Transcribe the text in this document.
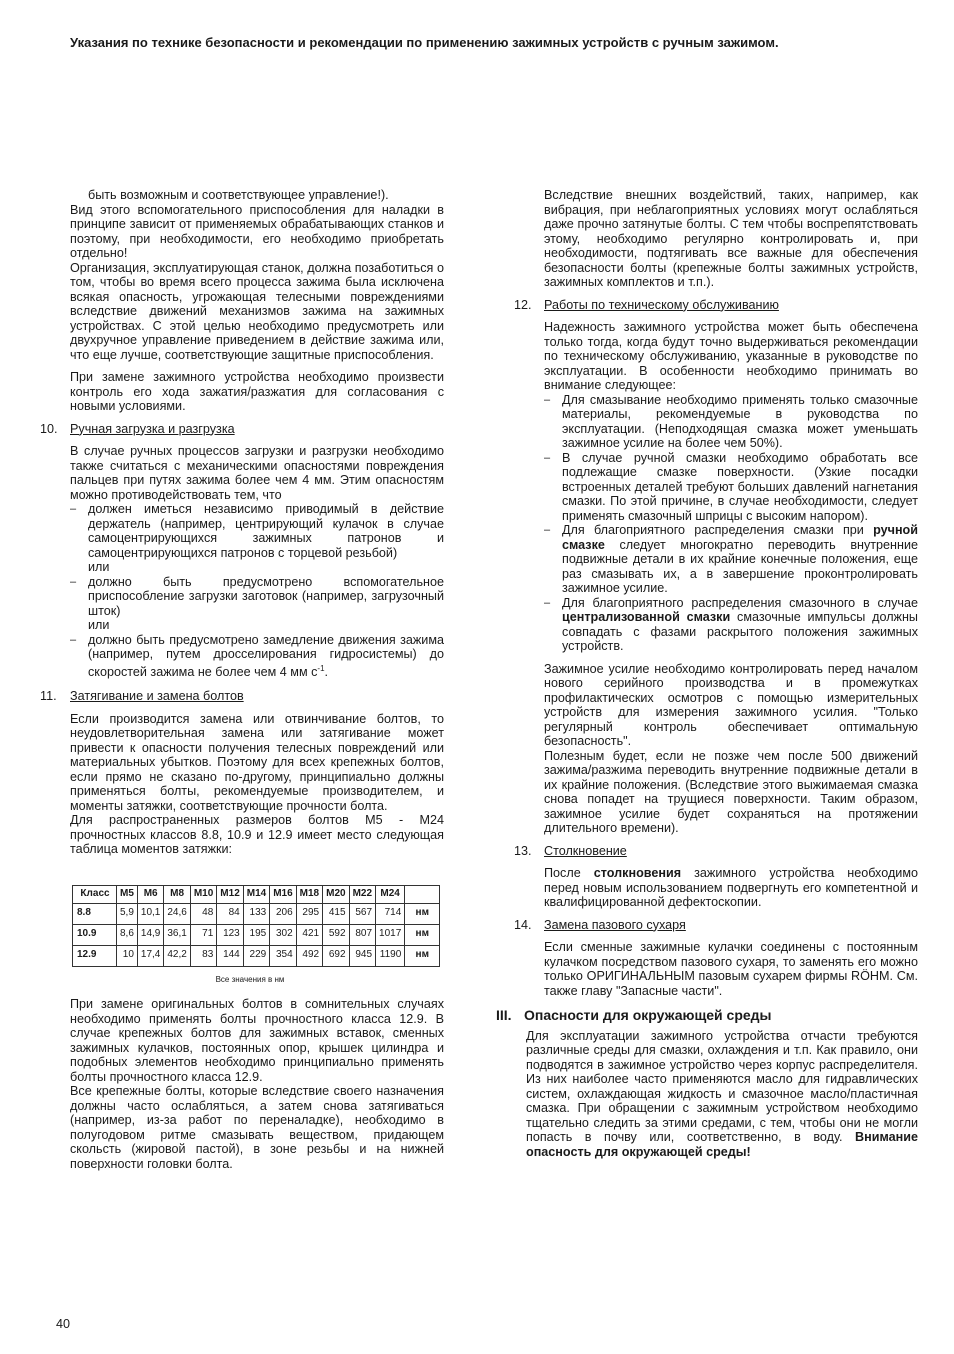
Указания по технике безопасности и рекомендации по применению зажимных устройств с ручным зажимом.

быть возможным и соответствующее управление!).

Вид этого вспомогательного приспособления для наладки в принципе зависит от применяемых обрабатывающих станков и поэтому, при необходимости, его необходимо приобретать отдельно!

Организация, эксплуатирующая станок, должна позаботиться о том, чтобы во время всего процесса зажима была исключена всякая опасность, угрожающая телесными повреждениями вследствие движений механизмов зажима на зажимных устройствах. С этой целью необходимо предусмотреть или двухручное управление приведением в действие зажима или, что еще лучше, соответствующие защитные приспособления.

При замене зажимного устройства необходимо произвести контроль его хода зажатия/разжатия для согласования с новыми условиями.

10. Ручная загрузка и разгрузка

В случае ручных процессов загрузки и разгрузки необходимо также считаться с механическими опасностями повреждения пальцев при путях зажима более чем 4 мм. Этим опасностям можно противодействовать тем, что

– должен иметься независимо приводимый в действие держатель (например, центрирующий кулачок в случае самоцентрирующихся зажимных патронов и самоцентрирующихся патронов с торцевой резьбой)
или
– должно быть предусмотрено вспомогательное приспособление загрузки заготовок (например, загрузочный шток)
или
– должно быть предусмотрено замедление движения зажима (например, путем дросселирования гидросистемы) до скоростей зажима не более чем 4 мм $с^{-1}$.
11.	Затягивание и замена болтов

Если производится замена или отвинчивание болтов, то неудовлетворительная замена или затягивание может привести к опасности получения телесных повреждений или материальных убытков. Поэтому для всех крепежных болтов, если прямо не сказано по-другому, принципиально должны применяться болты, рекомендуемые производителем, и моменты затяжки, соответствующие прочности болта.

Для распространенных размеров болтов М5 - М24 прочностных классов 8.8, 10.9 и 12.9 имеет место следующая таблица моментов затяжки:

Класс	M5	M6	M8	M10	M12	M14	M16	M18	M20	M22	M24	
8.8	5,9	10,1	24,6	48	84	133	206	295	415	567	714	нм
10.9	8,6	14,9	36,1	71	123	195	302	421	592	807	1017	нм
12.9	10	17,4	42,2	83	144	229	354	492	692	945	1190	нм
Все значения в нм

При замене оригинальных болтов в сомнительных случаях необходимо применять болты прочностного класса 12.9. В случае крепежных болтов для зажимных вставок, сменных зажимных кулачков, постоянных опор, крышек цилиндра и подобных элементов необходимо принципиально применять болты прочностного класса 12.9.

Все крепежные болты, которые вследствие своего назначения должны часто ослабляться, а затем снова затягиваться (например, из-за работ по переналадке), необходимо в полугодовом ритме смазывать веществом, придающем скольсть (жировой пастой), в зоне резьбы и на нижней поверхности головки болта.

Вследствие внешних воздействий, таких, например, как вибрация, при неблагоприятных условиях могут ослабляться даже прочно затянутые болты. С тем чтобы воспрепятствовать этому, необходимо регулярно контролировать и, при необходимости, подтягивать все важные для обеспечения безопасности болты (крепежные болты зажимных устройств, зажимных комплектов и т.п.).

12. Работы по техническому обслуживанию

Надежность зажимного устройства может быть обеспечена только тогда, когда будут точно выдерживаться рекомендации по техническому обслуживанию, указанные в руководстве по эксплуатации. В особенности необходимо принимать во внимание следующее:

– Для смазывание необходимо применять только смазочные материалы, рекомендуемые в руководства по эксплуатации. (Неподходящая смазка может уменьшать зажимное усилие на более чем 50%).
– В случае ручной смазки необходимо обработать все подлежащие смазке поверхности. (Узкие посадки встроенных деталей требуют больших давлений нагнетания смазки. По этой причине, в случае необходимости, следует применять смазочный шприцы с высоким напором).
– Для благоприятного распределения смазки при ручной смазке следует многократно переводить внутренние подвижные детали в их крайние конечные положения, еще раз смазывать их, а в завершение проконтролировать зажимное усилие.
– Для благоприятного распределения смазочного в случае централизованной смазки смазочные импульсы должны совпадать с фазами раскрытого положения зажимных устройств.

Зажимное усилие необходимо контролировать перед началом нового серийного производства и в промежутках профилактических осмотров с помощью измерительных устройств для измерения зажимного усилия. "Только регулярный контроль обеспечивает оптимальную безопасность".

Полезным будет, если не позже чем после 500 движений зажима/разжима переводить внутренние подвижные детали в их крайние положения. (Вследствие этого выжимаемая смазка снова попадет на трущиеся поверхности. Таким образом, зажимное усилие будет сохраняться на протяжении длительного времени).

13. Столкновение

После столкновения зажимного устройства необходимо перед новым использованием подвергнуть его компетентной и квалифицированной дефектоскопии.

14. Замена пазового сухаря

Если сменные зажимные кулачки соединены с постоянным кулачком посредством пазового сухаря, то заменять его можно только ОРИГИНАЛЬНЫМ пазовым сухарем фирмы RÖHM. См. также главу "Запасные части".

III. Опасности для окружающей среды

Для эксплуатации зажимного устройства отчасти требуются различные среды для смазки, охлаждения и т.п. Как правило, они подводятся в зажимное устройство через корпус распределителя. Из них наиболее часто применяются масло для гидравлических систем, охлаждающая жидкость и смазочное масло/пластичная смазка. При обращении с зажимным устройством необходимо тщательно следить за этими средами, с тем, чтобы они не могли попасть в почву или, соответственно, в воду. Внимание опасность для окружающей среды!

40
